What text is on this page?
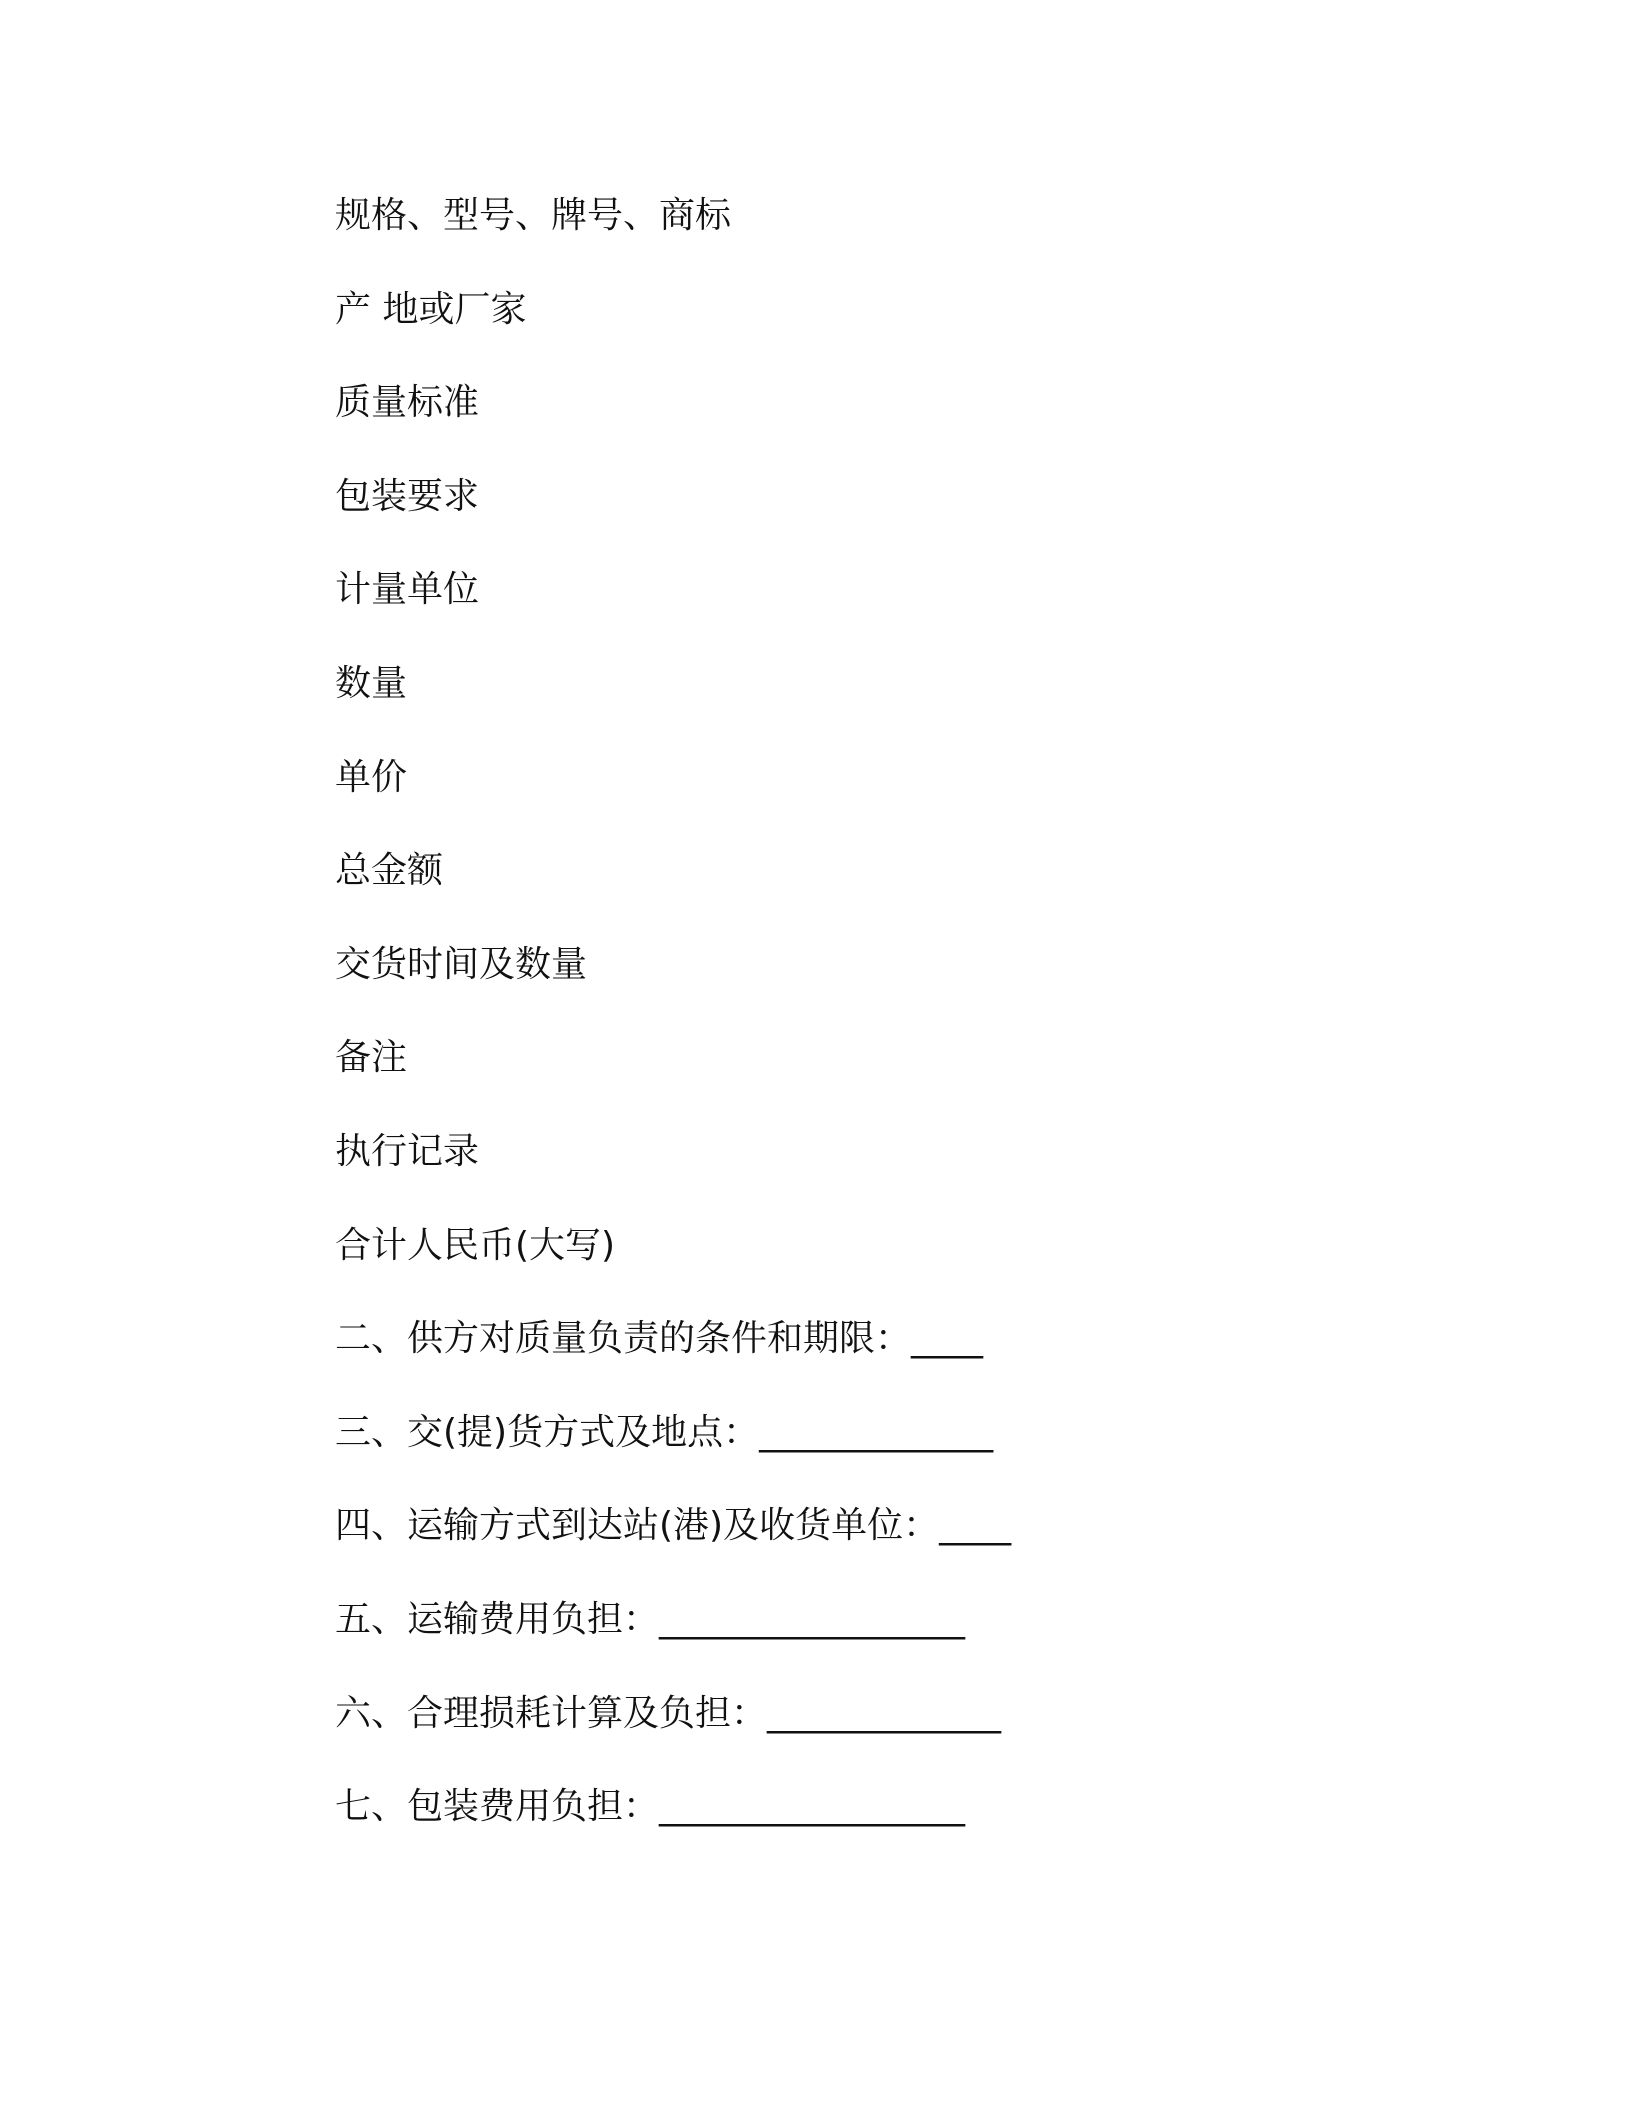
规格、型号、牌号、商标
产 地或厂家
质量标准
包装要求
计量单位
数量
单价
总金额
交货时间及数量
备注
执行记录
合计人民币(大写)
二、供方对质量负责的条件和期限：____
三、交(提)货方式及地点：_____________
四、运输方式到达站(港)及收货单位：____
五、运输费用负担：_________________
六、合理损耗计算及负担：_____________
七、包装费用负担：_________________
